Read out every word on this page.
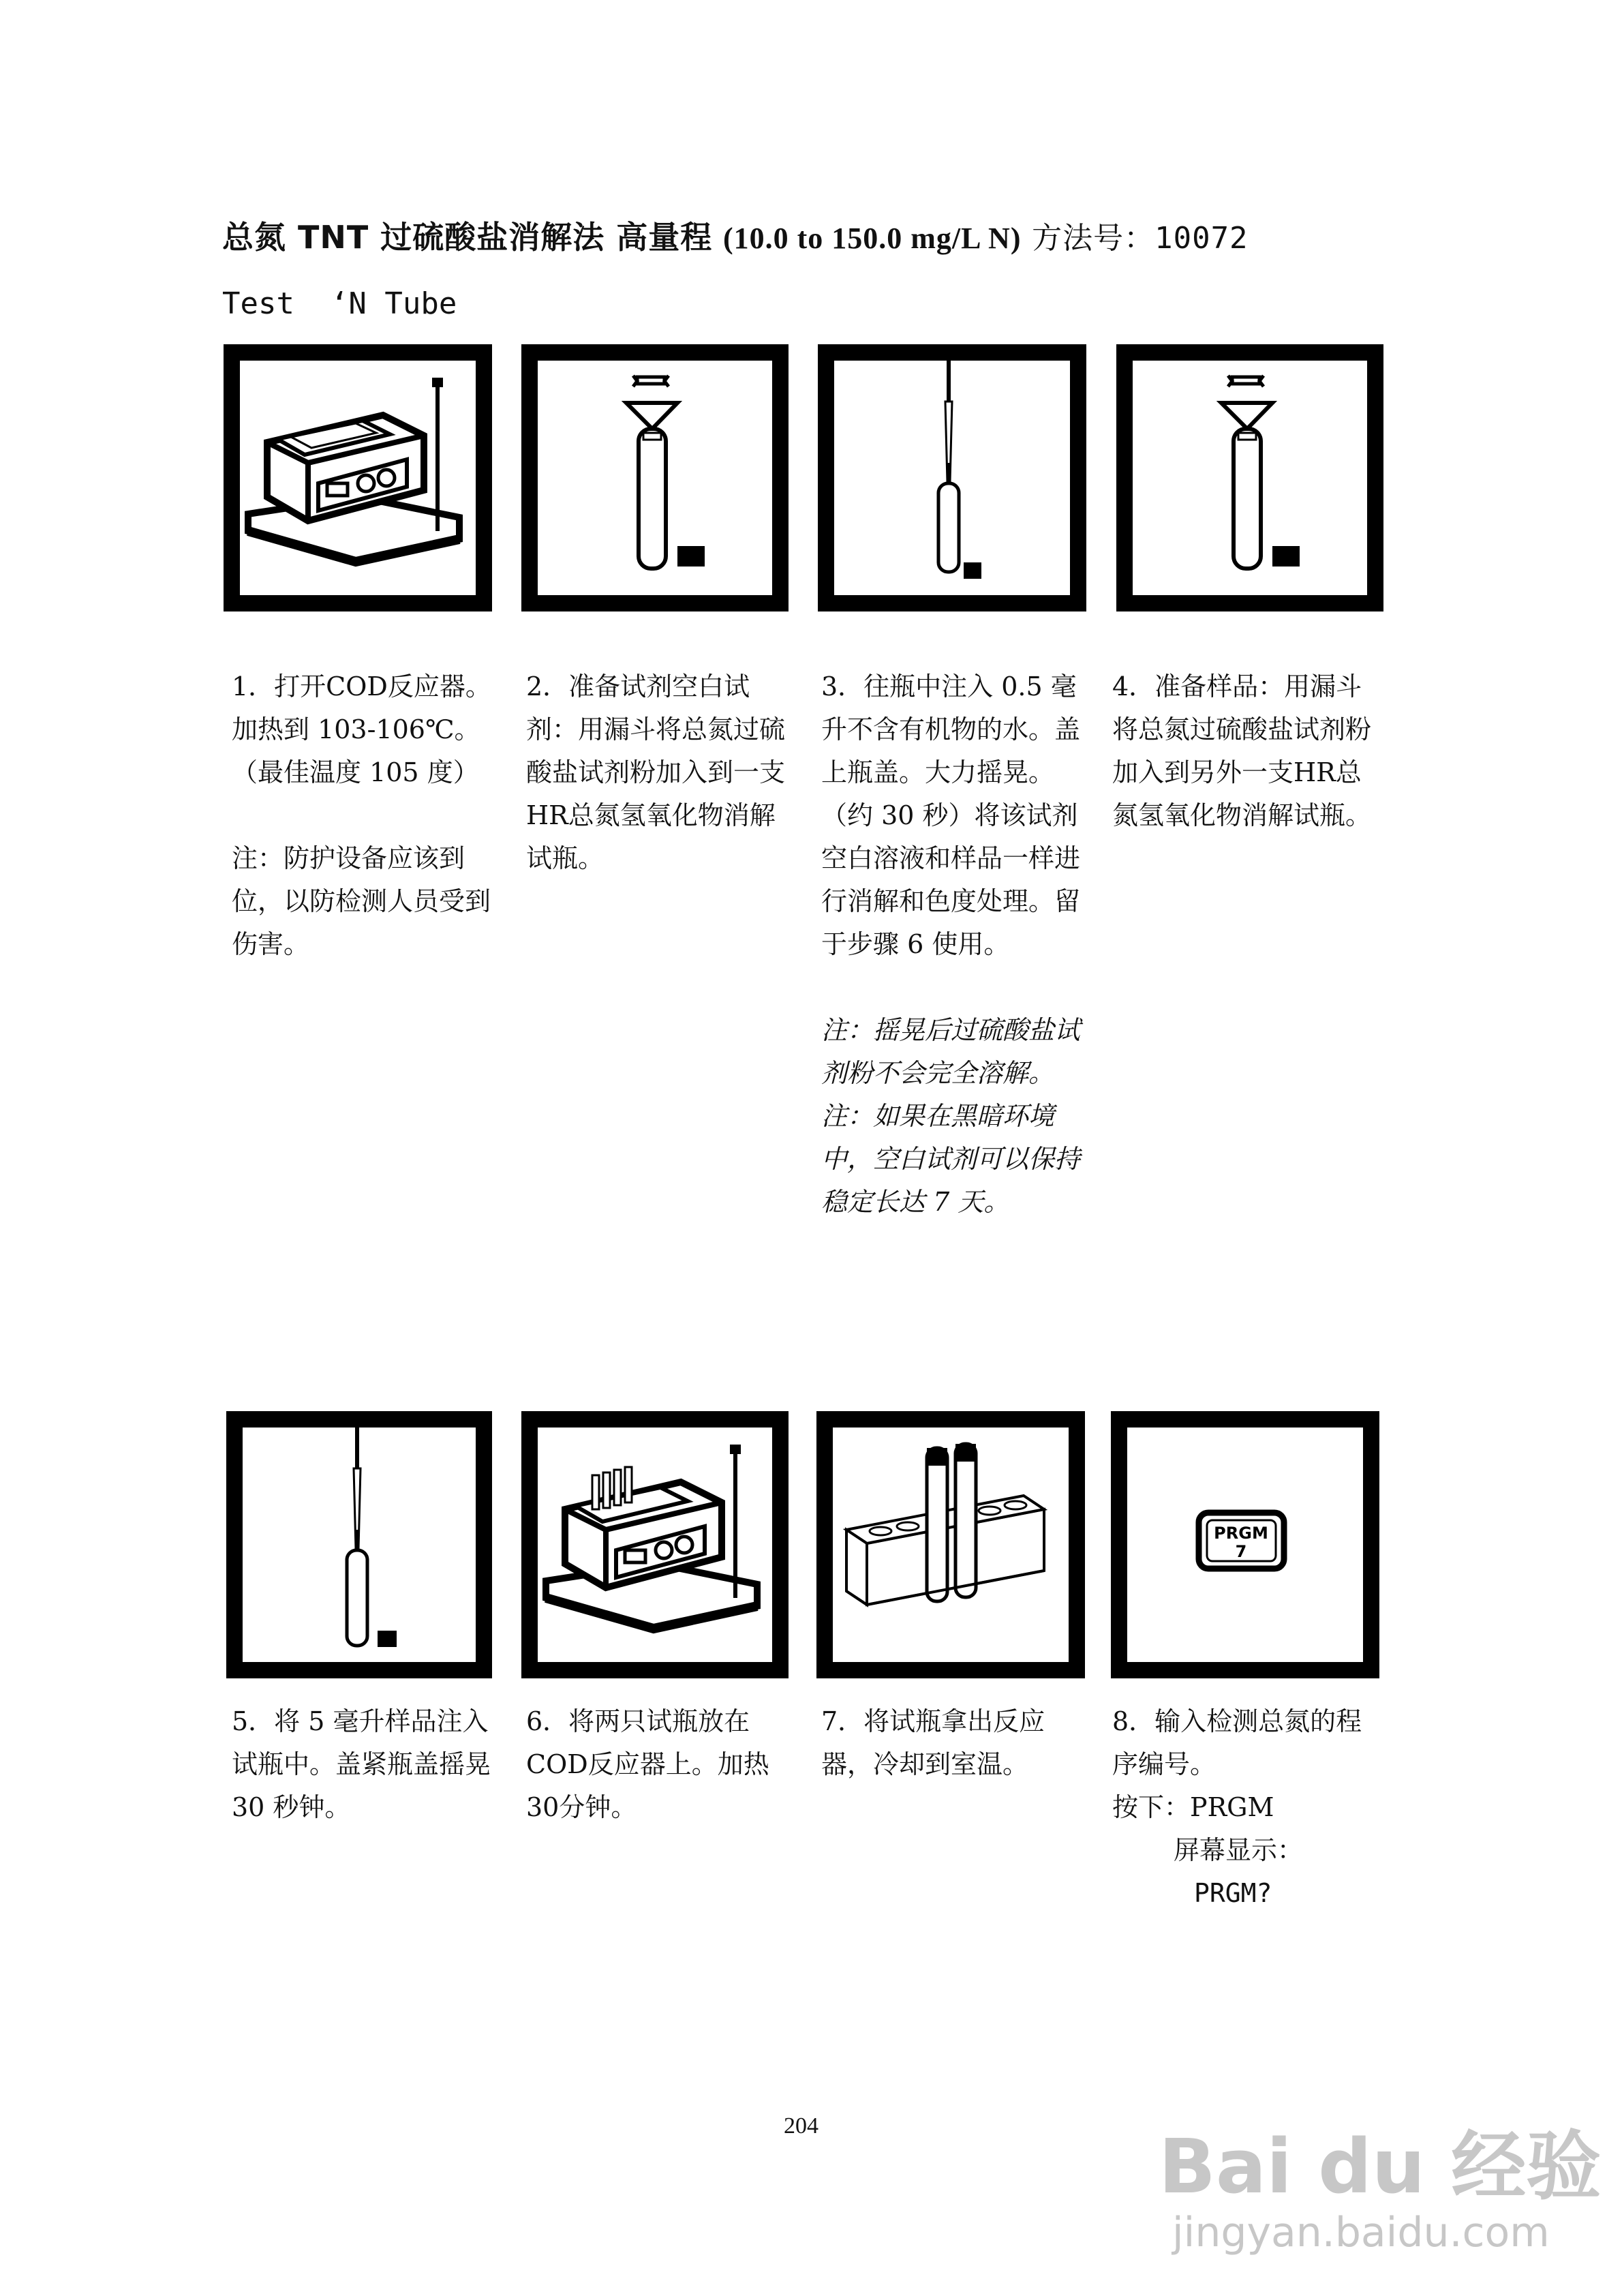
总氮 TNT 过硫酸盐消解法 高量程 (10.0 to 150.0 mg/L N) 方法号：10072
Test  ‘N Tube

1．打开COD反应器。加热到 103-106℃。（最佳温度 105 度）

注：防护设备应该到位，以防检测人员受到伤害。

2．准备试剂空白试剂：用漏斗将总氮过硫酸盐试剂粉加入到一支HR总氮氢氧化物消解试瓶。

3．往瓶中注入 0.5 毫升不含有机物的水。盖上瓶盖。大力摇晃。（约 30 秒）将该试剂空白溶液和样品一样进行消解和色度处理。留于步骤 6 使用。

注：摇晃后过硫酸盐试剂粉不会完全溶解。

注：如果在黑暗环境中，空白试剂可以保持稳定长达 7 天。

4．准备样品：用漏斗将总氮过硫酸盐试剂粉加入到另外一支HR总氮氢氧化物消解试瓶。

PRGM
7

5．将 5 毫升样品注入试瓶中。盖紧瓶盖摇晃 30 秒钟。

6．将两只试瓶放在COD反应器上。加热30分钟。

7．将试瓶拿出反应器，冷却到室温。

8．输入检测总氮的程序编号。

按下：PRGM

屏幕显示：

PRGM?

204	Bai du 经验
jingyan.baidu.com
